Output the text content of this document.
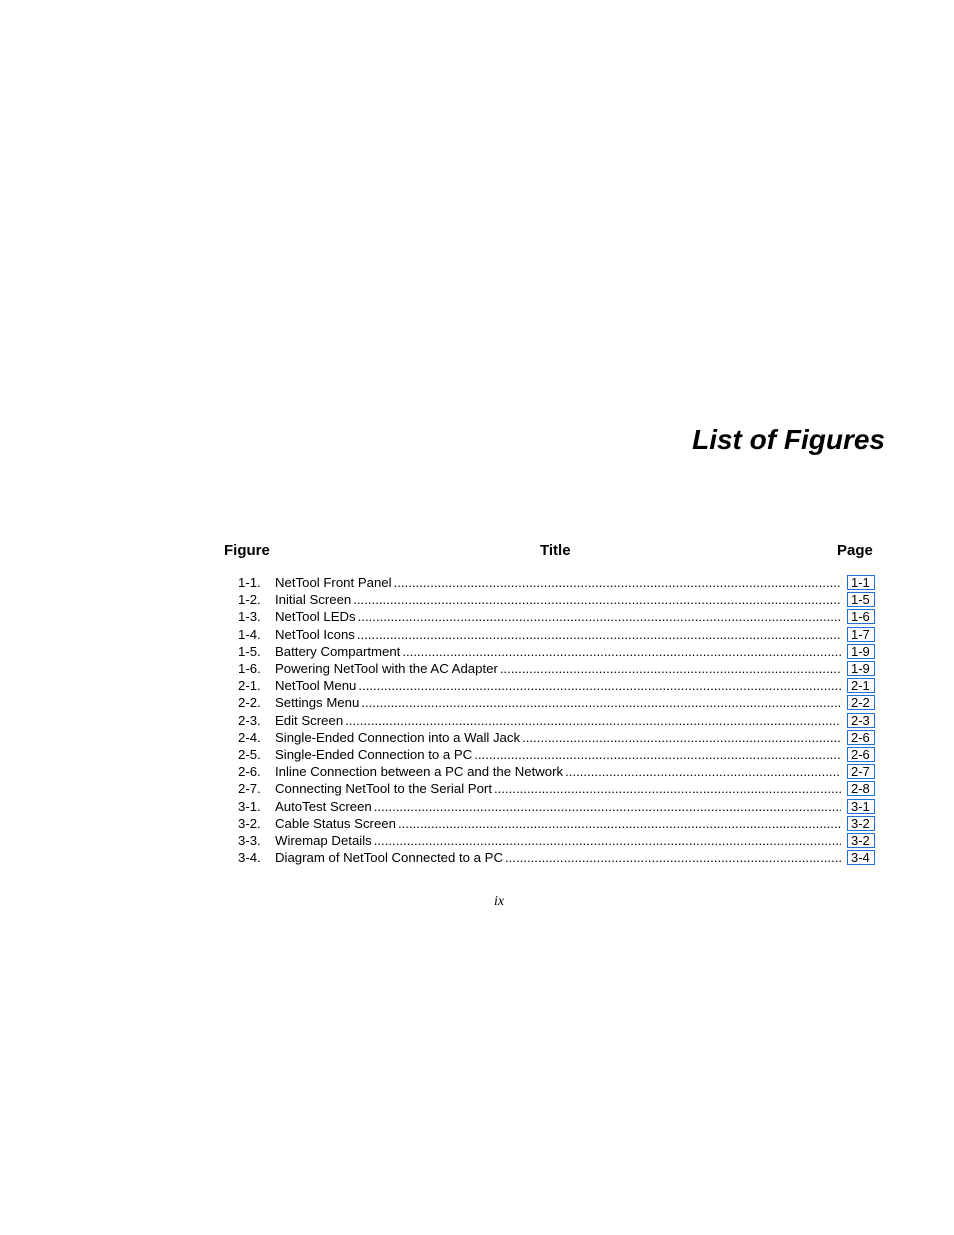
List of Figures
Figure	Title	Page
1-1.	NetTool Front Panel .....	1-1
1-2.	Initial Screen .....	1-5
1-3.	NetTool LEDs .....	1-6
1-4.	NetTool Icons .....	1-7
1-5.	Battery Compartment .....	1-9
1-6.	Powering NetTool with the AC Adapter .....	1-9
2-1.	NetTool Menu .....	2-1
2-2.	Settings Menu .....	2-2
2-3.	Edit Screen .....	2-3
2-4.	Single-Ended Connection into a Wall Jack .....	2-6
2-5.	Single-Ended Connection to a PC .....	2-6
2-6.	Inline Connection between a PC and the Network .....	2-7
2-7.	Connecting NetTool to the Serial Port .....	2-8
3-1.	AutoTest Screen .....	3-1
3-2.	Cable Status Screen .....	3-2
3-3.	Wiremap Details .....	3-2
3-4.	Diagram of NetTool Connected to a PC .....	3-4

ix
